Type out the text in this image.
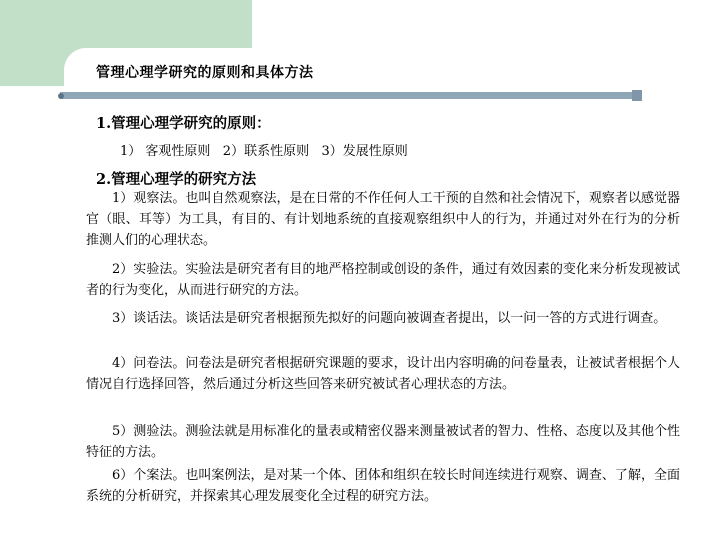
管理心理学研究的原则和具体方法
1.管理心理学研究的原则：
1） 客观性原则   2）联系性原则   3）发展性原则
2.管理心理学的研究方法

1）观察法。也叫自然观察法，是在日常的不作任何人工干预的自然和社会情况下，观察者以感觉器官（眼、耳等）为工具，有目的、有计划地系统的直接观察组织中人的行为，并通过对外在行为的分析推测人们的心理状态。

2）实验法。实验法是研究者有目的地严格控制或创设的条件，通过有效因素的变化来分析发现被试者的行为变化，从而进行研究的方法。

3）谈话法。谈话法是研究者根据预先拟好的问题向被调查者提出，以一问一答的方式进行调查。

4）问卷法。问卷法是研究者根据研究课题的要求，设计出内容明确的问卷量表，让被试者根据个人情况自行选择回答，然后通过分析这些回答来研究被试者心理状态的方法。

5）测验法。测验法就是用标准化的量表或精密仪器来测量被试者的智力、性格、态度以及其他个性特征的方法。

6）个案法。也叫案例法，是对某一个体、团体和组织在较长时间连续进行观察、调查、了解，全面系统的分析研究，并探索其心理发展变化全过程的研究方法。
